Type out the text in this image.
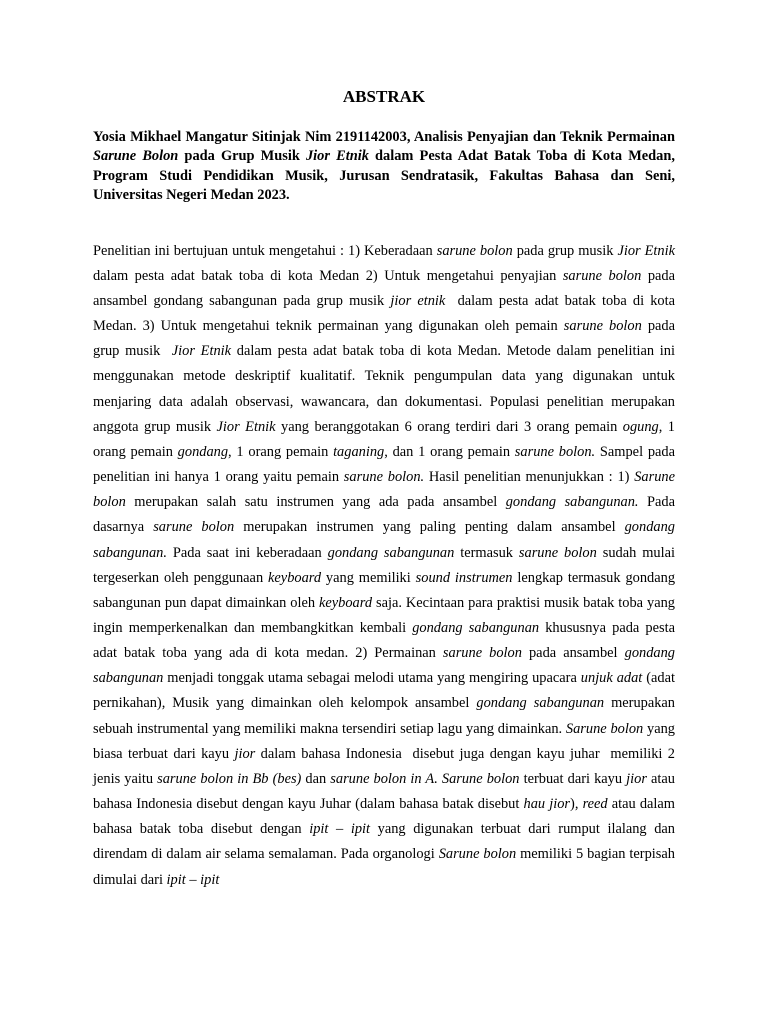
ABSTRAK

Yosia Mikhael Mangatur Sitinjak Nim 2191142003, Analisis Penyajian dan Teknik Permainan Sarune Bolon pada Grup Musik Jior Etnik dalam Pesta Adat Batak Toba di Kota Medan, Program Studi Pendidikan Musik, Jurusan Sendratasik, Fakultas Bahasa dan Seni, Universitas Negeri Medan 2023.

Penelitian ini bertujuan untuk mengetahui : 1) Keberadaan sarune bolon pada grup musik Jior Etnik dalam pesta adat batak toba di kota Medan 2) Untuk mengetahui penyajian sarune bolon pada ansambel gondang sabangunan pada grup musik jior etnik  dalam pesta adat batak toba di kota Medan. 3) Untuk mengetahui teknik permainan yang digunakan oleh pemain sarune bolon pada grup musik  Jior Etnik dalam pesta adat batak toba di kota Medan. Metode dalam penelitian ini menggunakan metode deskriptif kualitatif. Teknik pengumpulan data yang digunakan untuk menjaring data adalah observasi, wawancara, dan dokumentasi. Populasi penelitian merupakan anggota grup musik Jior Etnik yang beranggotakan 6 orang terdiri dari 3 orang pemain ogung, 1 orang pemain gondang, 1 orang pemain taganing, dan 1 orang pemain sarune bolon. Sampel pada penelitian ini hanya 1 orang yaitu pemain sarune bolon. Hasil penelitian menunjukkan : 1) Sarune bolon merupakan salah satu instrumen yang ada pada ansambel gondang sabangunan. Pada dasarnya sarune bolon merupakan instrumen yang paling penting dalam ansambel gondang sabangunan. Pada saat ini keberadaan gondang sabangunan termasuk sarune bolon sudah mulai tergeserkan oleh penggunaan keyboard yang memiliki sound instrumen lengkap termasuk gondang sabangunan pun dapat dimainkan oleh keyboard saja. Kecintaan para praktisi musik batak toba yang ingin memperkenalkan dan membangkitkan kembali gondang sabangunan khususnya pada pesta adat batak toba yang ada di kota medan. 2) Permainan sarune bolon pada ansambel gondang sabangunan menjadi tonggak utama sebagai melodi utama yang mengiring upacara unjuk adat (adat pernikahan), Musik yang dimainkan oleh kelompok ansambel gondang sabangunan merupakan sebuah instrumental yang memiliki makna tersendiri setiap lagu yang dimainkan. Sarune bolon yang biasa terbuat dari kayu jior dalam bahasa Indonesia  disebut juga dengan kayu juhar  memiliki 2 jenis yaitu sarune bolon in Bb (bes) dan sarune bolon in A. Sarune bolon terbuat dari kayu jior atau bahasa Indonesia disebut dengan kayu Juhar (dalam bahasa batak disebut hau jior), reed atau dalam bahasa batak toba disebut dengan ipit – ipit yang digunakan terbuat dari rumput ilalang dan direndam di dalam air selama semalaman. Pada organologi Sarune bolon memiliki 5 bagian terpisah dimulai dari ipit – ipit
